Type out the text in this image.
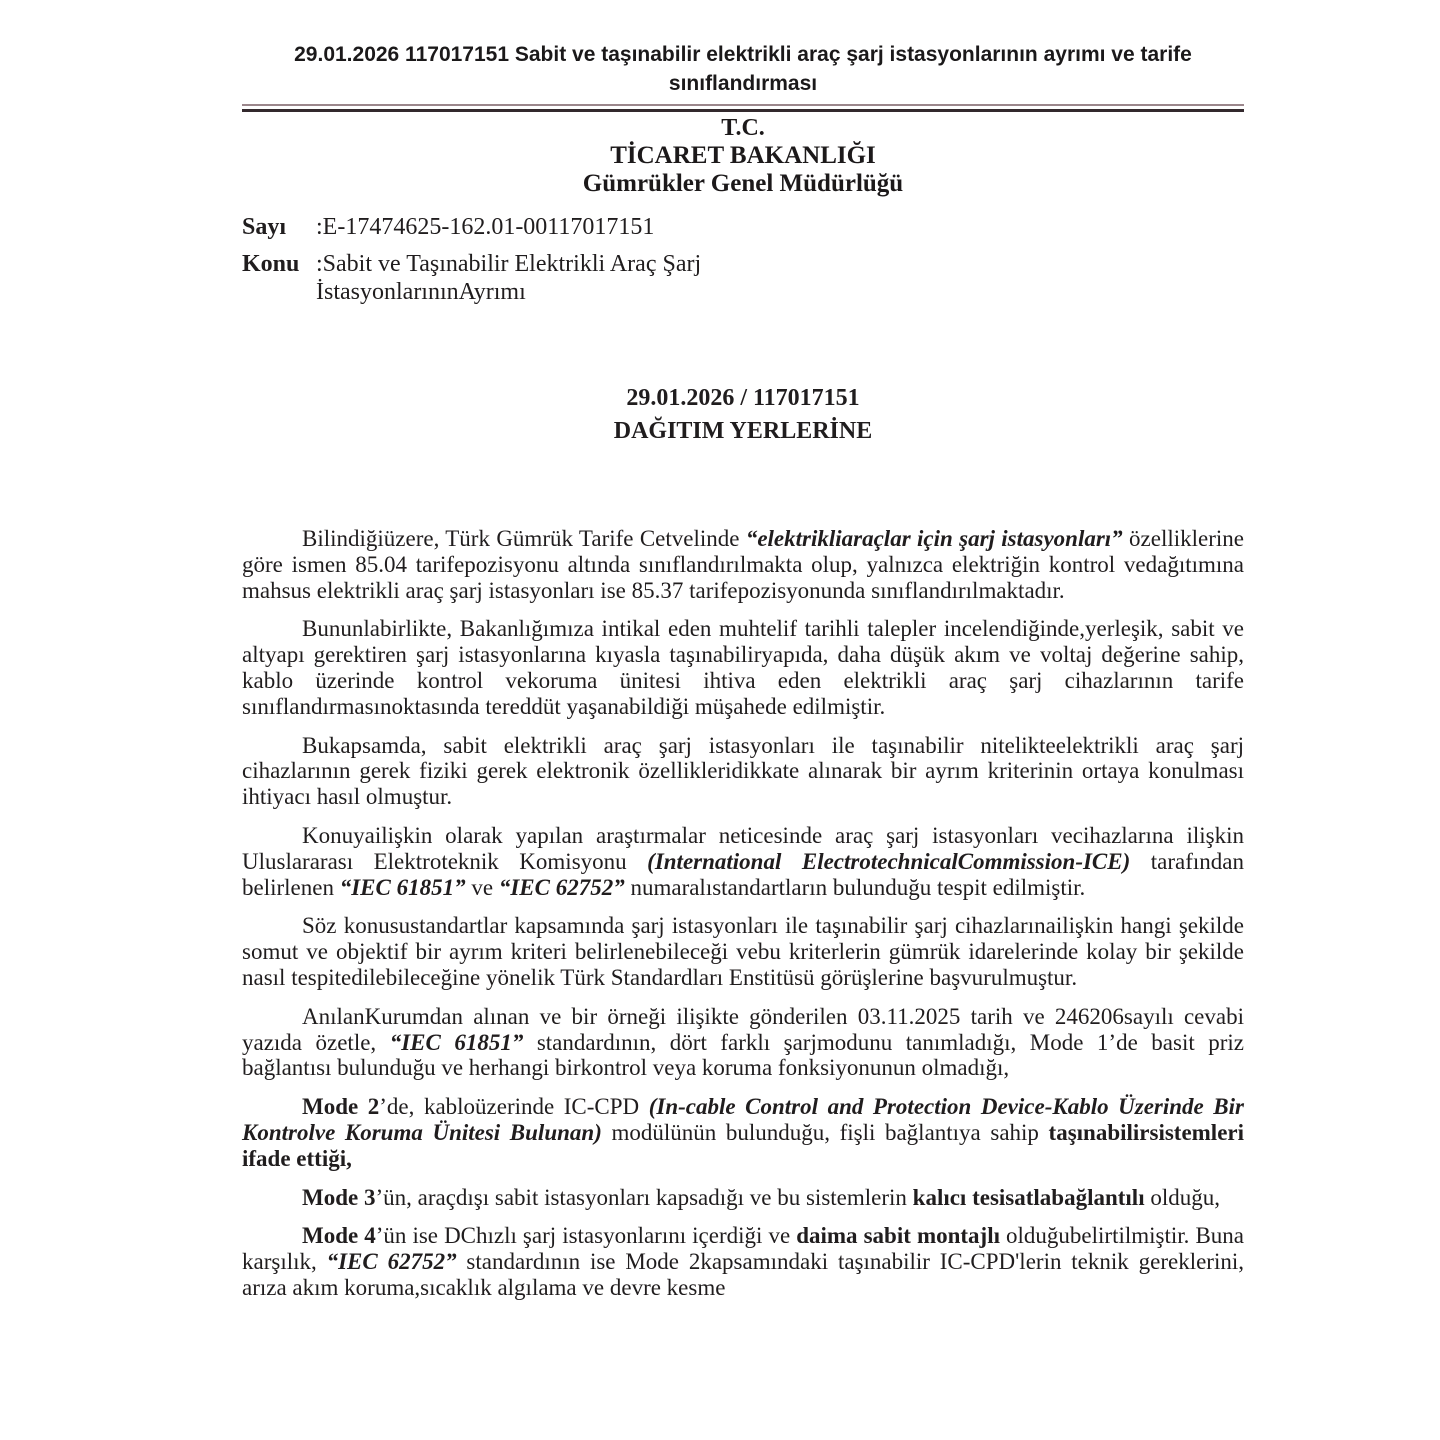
29.01.2026 117017151 Sabit ve taşınabilir elektrikli araç şarj istasyonlarının ayrımı ve tarife
sınıflandırması
T.C.
TİCARET BAKANLIĞI
Gümrükler Genel Müdürlüğü
Sayı	:E-17474625-162.01-00117017151
Konu :Sabit ve Taşınabilir Elektrikli Araç Şarj
İstasyonlarınınAyrımı
29.01.2026 / 117017151
DAĞITIM YERLERİNE

Bilindiğiüzere, Türk Gümrük Tarife Cetvelinde “elektrikliaraçlar için şarj istasyonları” özelliklerine göre ismen 85.04 tarifepozisyonu altında sınıflandırılmakta olup, yalnızca elektriğin kontrol vedağıtımına mahsus elektrikli araç şarj istasyonları ise 85.37 tarifepozisyonunda sınıflandırılmaktadır.

Bununlabirlikte, Bakanlığımıza intikal eden muhtelif tarihli talepler incelendiğinde,yerleşik, sabit ve altyapı gerektiren şarj istasyonlarına kıyasla taşınabiliryapıda, daha düşük akım ve voltaj değerine sahip, kablo üzerinde kontrol vekoruma ünitesi ihtiva eden elektrikli araç şarj cihazlarının tarife sınıflandırmasınoktasında tereddüt yaşanabildiği müşahede edilmiştir.

Bukapsamda, sabit elektrikli araç şarj istasyonları ile taşınabilir nitelikteelektrikli araç şarj cihazlarının gerek fiziki gerek elektronik özellikleridikkate alınarak bir ayrım kriterinin ortaya konulması ihtiyacı hasıl olmuştur.

Konuyailişkin olarak yapılan araştırmalar neticesinde araç şarj istasyonları vecihazlarına ilişkin Uluslararası Elektroteknik Komisyonu (International ElectrotechnicalCommission-ICE) tarafından belirlenen “IEC 61851” ve “IEC 62752” numaralıstandartların bulunduğu tespit edilmiştir.

Söz konusustandartlar kapsamında şarj istasyonları ile taşınabilir şarj cihazlarınailişkin hangi şekilde somut ve objektif bir ayrım kriteri belirlenebileceği vebu kriterlerin gümrük idarelerinde kolay bir şekilde nasıl tespitedilebileceğine yönelik Türk Standardları Enstitüsü görüşlerine başvurulmuştur.

AnılanKurumdan alınan ve bir örneği ilişikte gönderilen 03.11.2025 tarih ve 246206sayılı cevabi yazıda özetle, “IEC 61851” standardının, dört farklı şarjmodunu tanımladığı, Mode 1’de basit priz bağlantısı bulunduğu ve herhangi birkontrol veya koruma fonksiyonunun olmadığı,

Mode 2’de, kabloüzerinde IC-CPD (In-cable Control and Protection Device-Kablo Üzerinde Bir Kontrolve Koruma Ünitesi Bulunan) modülünün bulunduğu, fişli bağlantıya sahip taşınabilirsistemleri ifade ettiği,

Mode 3’ün, araçdışı sabit istasyonları kapsadığı ve bu sistemlerin kalıcı tesisatlabağlantılı olduğu,

Mode 4’ün ise DChızlı şarj istasyonlarını içerdiği ve daima sabit montajlı olduğubelirtilmiştir. Buna karşılık, “IEC 62752” standardının ise Mode 2kapsamındaki taşınabilir IC-CPD'lerin teknik gereklerini, arıza akım koruma,sıcaklık algılama ve devre kesme
